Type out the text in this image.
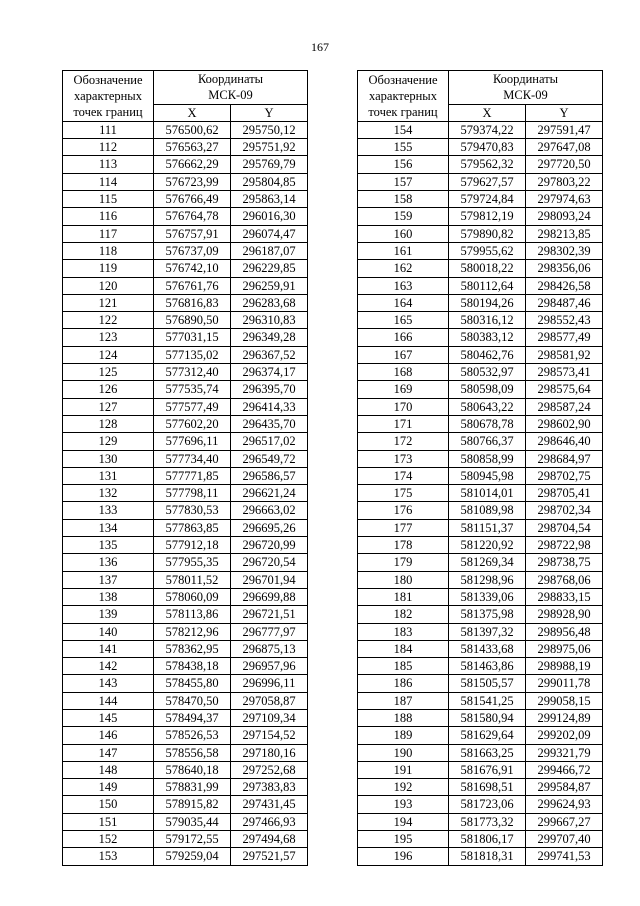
167
Обозначение
характерных
точек границ	Координаты
МСК-09	
	X	Y
111	576500,62	295750,12
112	576563,27	295751,92
113	576662,29	295769,79
114	576723,99	295804,85
115	576766,49	295863,14
116	576764,78	296016,30
117	576757,91	296074,47
118	576737,09	296187,07
119	576742,10	296229,85
120	576761,76	296259,91
121	576816,83	296283,68
122	576890,50	296310,83
123	577031,15	296349,28
124	577135,02	296367,52
125	577312,40	296374,17
126	577535,74	296395,70
127	577577,49	296414,33
128	577602,20	296435,70
129	577696,11	296517,02
130	577734,40	296549,72
131	577771,85	296586,57
132	577798,11	296621,24
133	577830,53	296663,02
134	577863,85	296695,26
135	577912,18	296720,99
136	577955,35	296720,54
137	578011,52	296701,94
138	578060,09	296699,88
139	578113,86	296721,51
140	578212,96	296777,97
141	578362,95	296875,13
142	578438,18	296957,96
143	578455,80	296996,11
144	578470,50	297058,87
145	578494,37	297109,34
146	578526,53	297154,52
147	578556,58	297180,16
148	578640,18	297252,68
149	578831,99	297383,83
150	578915,82	297431,45
151	579035,44	297466,93
152	579172,55	297494,68
153	579259,04	297521,57
Обозначение
характерных
точек границ	Координаты
МСК-09	
	X	Y
154	579374,22	297591,47
155	579470,83	297647,08
156	579562,32	297720,50
157	579627,57	297803,22
158	579724,84	297974,63
159	579812,19	298093,24
160	579890,82	298213,85
161	579955,62	298302,39
162	580018,22	298356,06
163	580112,64	298426,58
164	580194,26	298487,46
165	580316,12	298552,43
166	580383,12	298577,49
167	580462,76	298581,92
168	580532,97	298573,41
169	580598,09	298575,64
170	580643,22	298587,24
171	580678,78	298602,90
172	580766,37	298646,40
173	580858,99	298684,97
174	580945,98	298702,75
175	581014,01	298705,41
176	581089,98	298702,34
177	581151,37	298704,54
178	581220,92	298722,98
179	581269,34	298738,75
180	581298,96	298768,06
181	581339,06	298833,15
182	581375,98	298928,90
183	581397,32	298956,48
184	581433,68	298975,06
185	581463,86	298988,19
186	581505,57	299011,78
187	581541,25	299058,15
188	581580,94	299124,89
189	581629,64	299202,09
190	581663,25	299321,79
191	581676,91	299466,72
192	581698,51	299584,87
193	581723,06	299624,93
194	581773,32	299667,27
195	581806,17	299707,40
196	581818,31	299741,53
